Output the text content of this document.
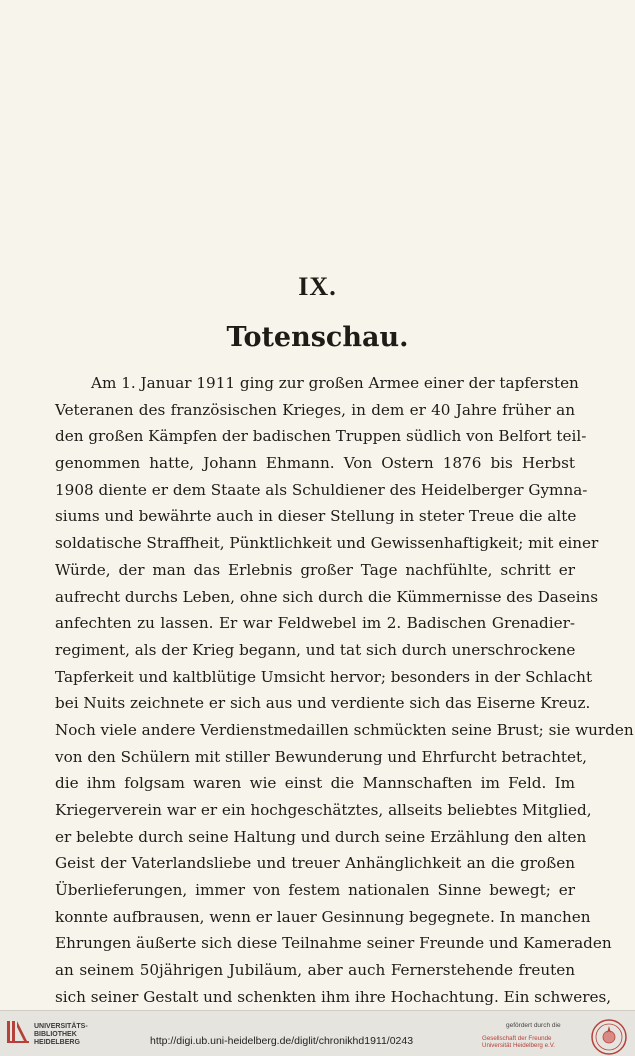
IX.
Totenschau.
Am 1. Januar 1911 ging zur großen Armee einer der tapfersten
Veteranen des französischen Krieges, in dem er 40 Jahre früher an
den großen Kämpfen der badischen Truppen südlich von Belfort teil-
genommen hatte, Johann Ehmann. Von Ostern 1876 bis Herbst
1908 diente er dem Staate als Schuldiener des Heidelberger Gymna-
siums und bewährte auch in dieser Stellung in steter Treue die alte
soldatische Straffheit, Pünktlichkeit und Gewissenhaftigkeit; mit einer
Würde, der man das Erlebnis großer Tage nachfühlte, schritt er
aufrecht durchs Leben, ohne sich durch die Kümmernisse des Daseins
anfechten zu lassen. Er war Feldwebel im 2. Badischen Grenadier-
regiment, als der Krieg begann, und tat sich durch unerschrockene
Tapferkeit und kaltblütige Umsicht hervor; besonders in der Schlacht
bei Nuits zeichnete er sich aus und verdiente sich das Eiserne Kreuz.
Noch viele andere Verdienstmedaillen schmückten seine Brust; sie wurden
von den Schülern mit stiller Bewunderung und Ehrfurcht betrachtet,
die ihm folgsam waren wie einst die Mannschaften im Feld. Im
Kriegerverein war er ein hochgeschätztes, allseits beliebtes Mitglied,
er belebte durch seine Haltung und durch seine Erzählung den alten
Geist der Vaterlandsliebe und treuer Anhänglichkeit an die großen
Überlieferungen, immer von festem nationalen Sinne bewegt; er
konnte aufbrausen, wenn er lauer Gesinnung begegnete. In manchen
Ehrungen äußerte sich diese Teilnahme seiner Freunde und Kameraden
an seinem 50jährigen Jubiläum, aber auch Fernerstehende freuten
sich seiner Gestalt und schenkten ihm ihre Hochachtung. Ein schweres,
UNIVERSITÄTS-
BIBLIOTHEK
HEIDELBERG	http://digi.ub.uni-heidelberg.de/diglit/chronikhd1911/0243
gefördert durch die
Gesellschaft der Freunde
Universität Heidelberg e.V.
